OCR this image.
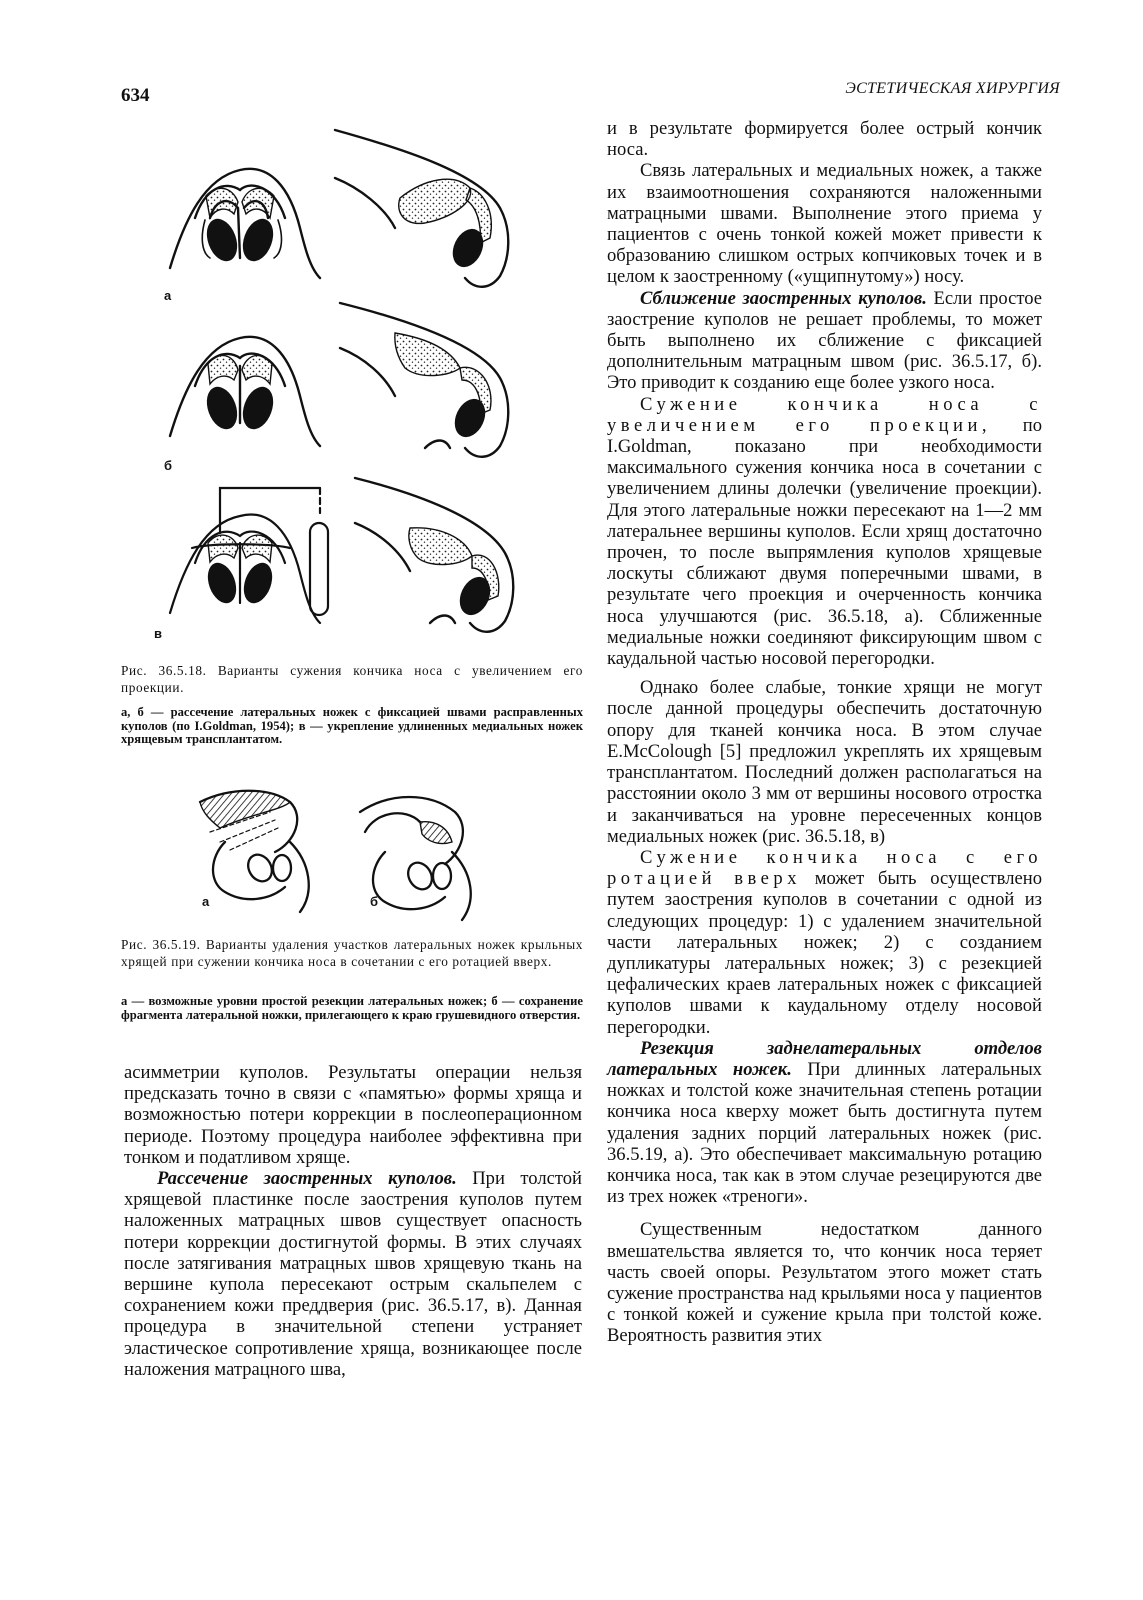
634	ЭСТЕТИЧЕСКАЯ ХИРУРГИЯ
а
б
в
Рис. 36.5.18. Варианты сужения кончика носа с увеличением его проекции.
а, б — рассечение латеральных ножек с фиксацией швами расправленных куполов (по I.Goldman, 1954); в — укрепление удлиненных медиальных ножек хрящевым трансплантатом.
а	б
Рис. 36.5.19. Варианты удаления участков латеральных ножек крыльных хрящей при сужении кончика носа в сочетании с его ротацией вверх.
а — возможные уровни простой резекции латеральных ножек; б — сохранение фрагмента латеральной ножки, прилегающего к краю грушевидного отверстия.

асимметрии куполов. Результаты операции нельзя предсказать точно в связи с «памятью» формы хряща и возможностью потери коррекции в послеоперационном периоде. Поэтому процедура наиболее эффективна при тонком и податливом хряще.

Рассечение заостренных куполов. При толстой хрящевой пластинке после заострения куполов путем наложенных матрацных швов существует опасность потери коррекции достигнутой формы. В этих случаях после затягивания матрацных швов хрящевую ткань на вершине купола пересекают острым скальпелем с сохранением кожи преддверия (рис. 36.5.17, в). Данная процедура в значительной степени устраняет эластическое сопротивление хряща, возникающее после наложения матрацного шва,

и в результате формируется более острый кончик носа.

Связь латеральных и медиальных ножек, а также их взаимоотношения сохраняются наложенными матрацными швами. Выполнение этого приема у пациентов с очень тонкой кожей может привести к образованию слишком острых копчиковых точек и в целом к заостренному («ущипнутому») носу.

Сближение заостренных куполов. Если простое заострение куполов не решает проблемы, то может быть выполнено их сближение с фиксацией дополнительным матрацным швом (рис. 36.5.17, б). Это приводит к созданию еще более узкого носа.

Сужение кончика носа с увеличением его проекции, по I.Goldman, показано при необходимости максимального сужения кончика носа в сочетании с увеличением длины долечки (увеличение проекции). Для этого латеральные ножки пересекают на 1—2 мм латеральнее вершины куполов. Если хрящ достаточно прочен, то после выпрямления куполов хрящевые лоскуты сближают двумя поперечными швами, в результате чего проекция и очерченность кончика носа улучшаются (рис. 36.5.18, а). Сближенные медиальные ножки соединяют фиксирующим швом с каудальной частью носовой перегородки.

Однако более слабые, тонкие хрящи не могут после данной процедуры обеспечить достаточную опору для тканей кончика носа. В этом случае E.McColough [5] предложил укреплять их хрящевым трансплантатом. Последний должен располагаться на расстоянии около 3 мм от вершины носового отростка и заканчиваться на уровне пересеченных концов медиальных ножек (рис. 36.5.18, в)

Сужение кончика носа с его ротацией вверх может быть осуществлено путем заострения куполов в сочетании с одной из следующих процедур: 1) с удалением значительной части латеральных ножек; 2) с созданием дупликатуры латеральных ножек; 3) с резекцией цефалических краев латеральных ножек с фиксацией куполов швами к каудальному отделу носовой перегородки.

Резекция заднелатеральных отделов латеральных ножек. При длинных латеральных ножках и толстой коже значительная степень ротации кончика носа кверху может быть достигнута путем удаления задних порций латеральных ножек (рис. 36.5.19, а). Это обеспечивает максимальную ротацию кончика носа, так как в этом случае резецируются две из трех ножек «треноги».

Существенным недостатком данного вмешательства является то, что кончик носа теряет часть своей опоры. Результатом этого может стать сужение пространства над крыльями носа у пациентов с тонкой кожей и сужение крыла при толстой коже. Вероятность развития этих
